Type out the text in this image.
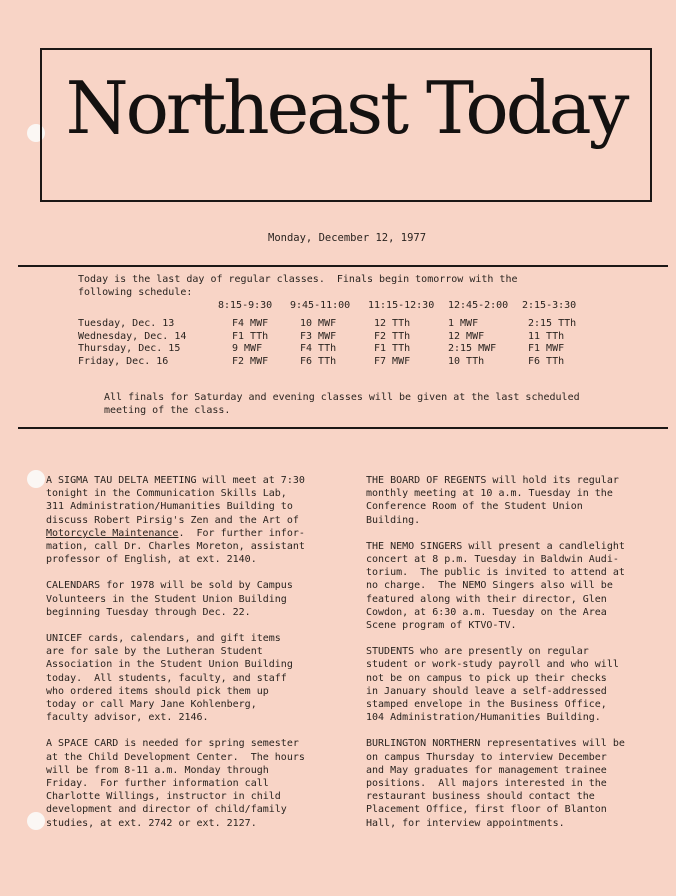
Northeast Today
Monday, December 12, 1977
Today is the last day of regular classes.  Finals begin tomorrow with the
following schedule:
8:15-9:30 9:45-11:00 11:15-12:30 12:45-2:00 2:15-3:30
Tuesday, Dec. 13	F4 MWF	10 MWF	12 TTh	1 MWF	2:15 TTh
Wednesday, Dec. 14	F1 TTh	F3 MWF	F2 TTh	12 MWF	11 TTh
Thursday, Dec. 15	9 MWF	F4 TTh	F1 TTh	2:15 MWF	F1 MWF
Friday, Dec. 16	F2 MWF	F6 TTh	F7 MWF	10 TTh	F6 TTh
All finals for Saturday and evening classes will be given at the last scheduled
meeting of the class.
A SIGMA TAU DELTA MEETING will meet at 7:30
tonight in the Communication Skills Lab,
311 Administration/Humanities Building to
discuss Robert Pirsig's Zen and the Art of
Motorcycle Maintenance.  For further infor-
mation, call Dr. Charles Moreton, assistant
professor of English, at ext. 2140.
CALENDARS for 1978 will be sold by Campus
Volunteers in the Student Union Building
beginning Tuesday through Dec. 22.
UNICEF cards, calendars, and gift items
are for sale by the Lutheran Student
Association in the Student Union Building
today.  All students, faculty, and staff
who ordered items should pick them up
today or call Mary Jane Kohlenberg,
faculty advisor, ext. 2146.
A SPACE CARD is needed for spring semester
at the Child Development Center.  The hours
will be from 8-11 a.m. Monday through
Friday.  For further information call
Charlotte Willings, instructor in child
development and director of child/family
studies, at ext. 2742 or ext. 2127.
THE BOARD OF REGENTS will hold its regular
monthly meeting at 10 a.m. Tuesday in the
Conference Room of the Student Union
Building.
THE NEMO SINGERS will present a candlelight
concert at 8 p.m. Tuesday in Baldwin Audi-
torium.  The public is invited to attend at
no charge.  The NEMO Singers also will be
featured along with their director, Glen
Cowdon, at 6:30 a.m. Tuesday on the Area
Scene program of KTVO-TV.
STUDENTS who are presently on regular
student or work-study payroll and who will
not be on campus to pick up their checks
in January should leave a self-addressed
stamped envelope in the Business Office,
104 Administration/Humanities Building.
BURLINGTON NORTHERN representatives will be
on campus Thursday to interview December
and May graduates for management trainee
positions.  All majors interested in the
restaurant business should contact the
Placement Office, first floor of Blanton
Hall, for interview appointments.
